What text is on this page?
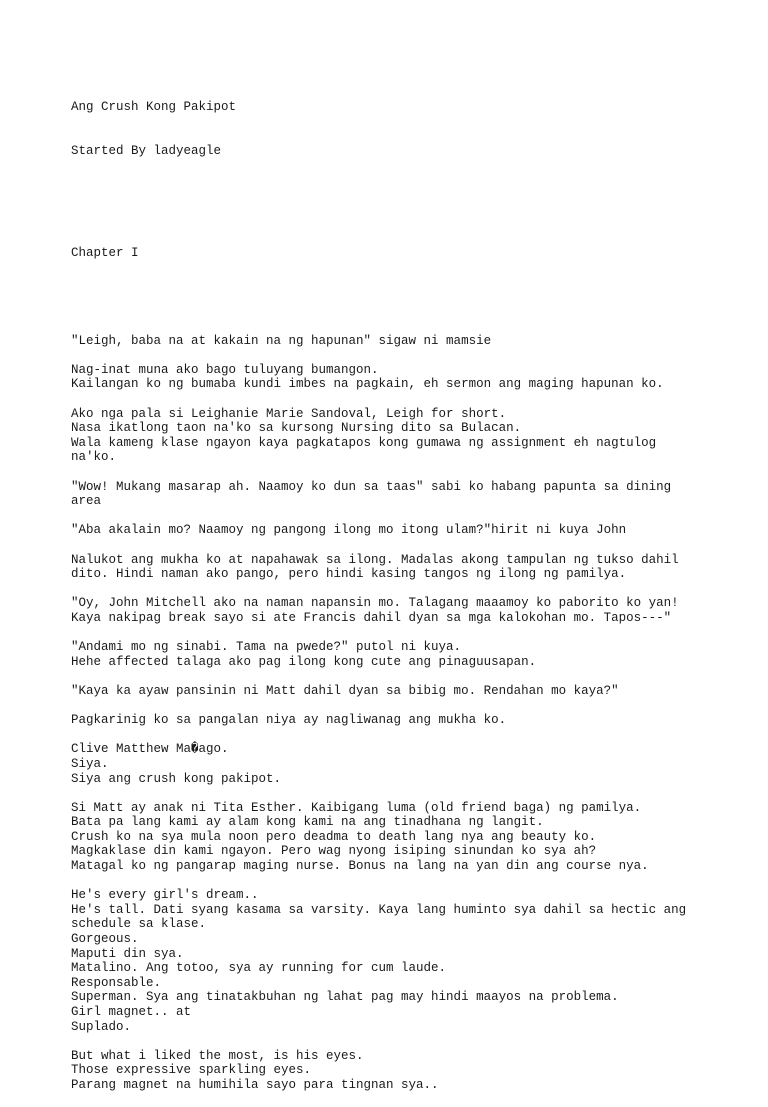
Ang Crush Kong Pakipot

Started By ladyeagle

Chapter I

"Leigh, baba na at kakain na ng hapunan" sigaw ni mamsie
Nag-inat muna ako bago tuluyang bumangon.
Kailangan ko ng bumaba kundi imbes na pagkain, eh sermon ang maging hapunan ko.
Ako nga pala si Leighanie Marie Sandoval, Leigh for short.
Nasa ikatlong taon na'ko sa kursong Nursing dito sa Bulacan.
Wala kameng klase ngayon kaya pagkatapos kong gumawa ng assignment eh nagtulog
na'ko.
"Wow! Mukang masarap ah. Naamoy ko dun sa taas" sabi ko habang papunta sa dining
area
"Aba akalain mo? Naamoy ng pangong ilong mo itong ulam?"hirit ni kuya John
Nalukot ang mukha ko at napahawak sa ilong. Madalas akong tampulan ng tukso dahil
dito. Hindi naman ako pango, pero hindi kasing tangos ng ilong ng pamilya.
"Oy, John Mitchell ako na naman napansin mo. Talagang maaamoy ko paborito ko yan!
Kaya nakipag break sayo si ate Francis dahil dyan sa mga kalokohan mo. Tapos---"
"Andami mo ng sinabi. Tama na pwede?" putol ni kuya.
Hehe affected talaga ako pag ilong kong cute ang pinaguusapan.
"Kaya ka ayaw pansinin ni Matt dahil dyan sa bibig mo. Rendahan mo kaya?"
Pagkarinig ko sa pangalan niya ay nagliwanag ang mukha ko.
Clive Matthew Ma�ago.
Siya.
Siya ang crush kong pakipot.
Si Matt ay anak ni Tita Esther. Kaibigang luma (old friend baga) ng pamilya.
Bata pa lang kami ay alam kong kami na ang tinadhana ng langit.
Crush ko na sya mula noon pero deadma to death lang nya ang beauty ko.
Magkaklase din kami ngayon. Pero wag nyong isiping sinundan ko sya ah?
Matagal ko ng pangarap maging nurse. Bonus na lang na yan din ang course nya.
He's every girl's dream..
He's tall. Dati syang kasama sa varsity. Kaya lang huminto sya dahil sa hectic ang
schedule sa klase.
Gorgeous.
Maputi din sya.
Matalino. Ang totoo, sya ay running for cum laude.
Responsable.
Superman. Sya ang tinatakbuhan ng lahat pag may hindi maayos na problema.
Girl magnet.. at
Suplado.
But what i liked the most, is his eyes.
Those expressive sparkling eyes.
Parang magnet na humihila sayo para tingnan sya..
